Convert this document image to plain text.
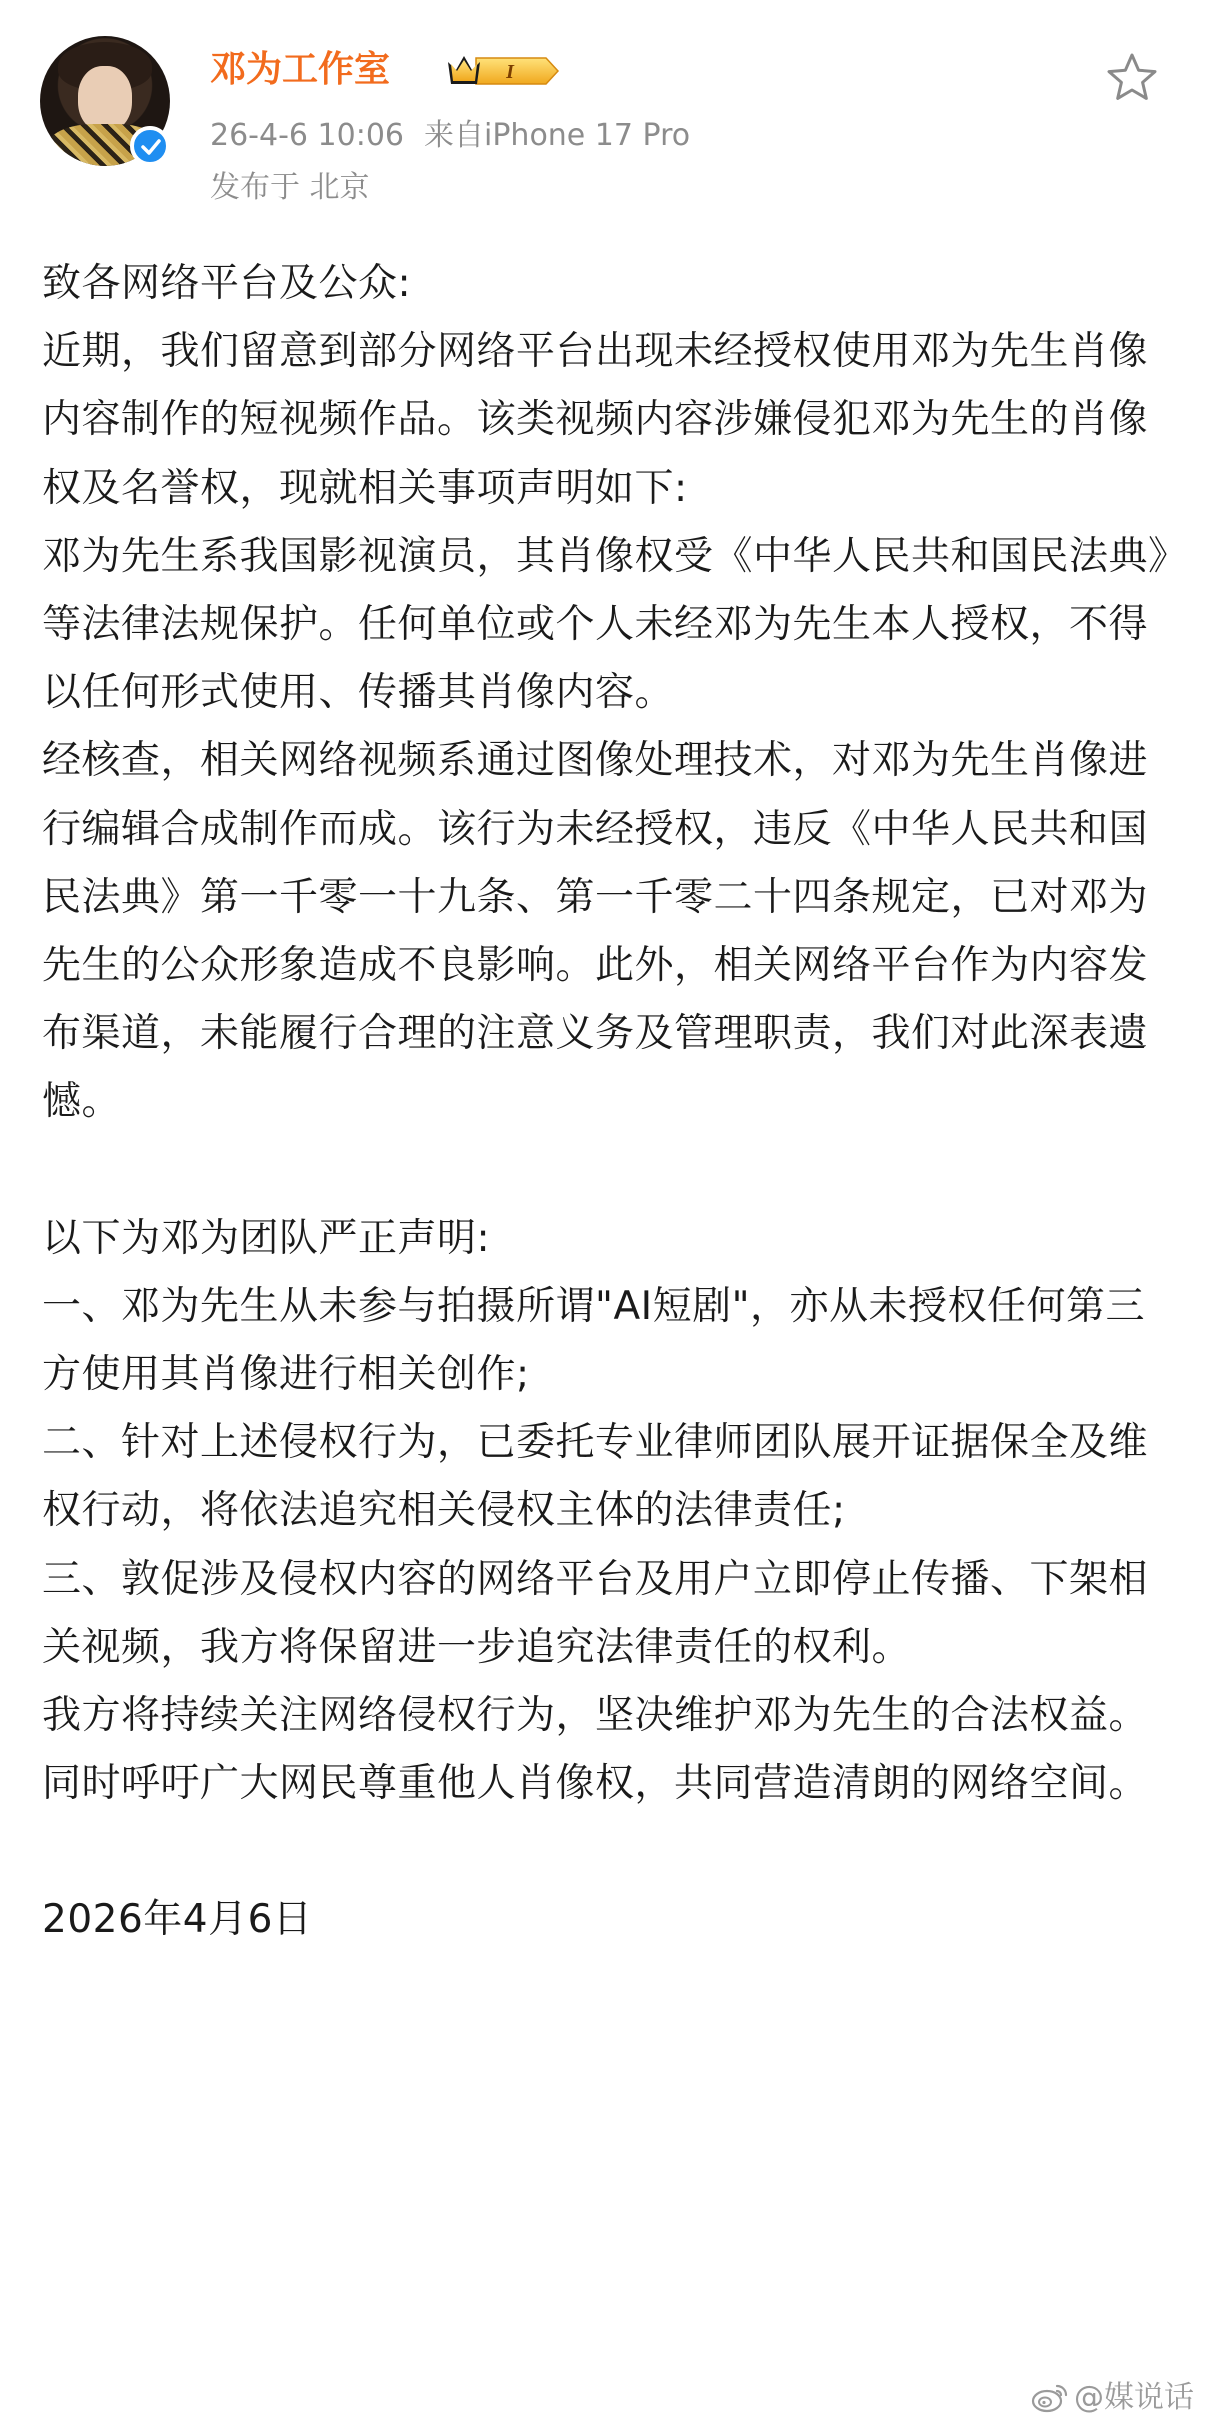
邓为工作室	I
26-4-6 10:06 来自iPhone 17 Pro
发布于 北京

致各网络平台及公众:

近期，我们留意到部分网络平台出现未经授权使用邓为先生肖像内容制作的短视频作品。该类视频内容涉嫌侵犯邓为先生的肖像权及名誉权，现就相关事项声明如下:

邓为先生系我国影视演员，其肖像权受《中华人民共和国民法典》等法律法规保护。任何单位或个人未经邓为先生本人授权，不得以任何形式使用、传播其肖像内容。

经核查，相关网络视频系通过图像处理技术，对邓为先生肖像进行编辑合成制作而成。该行为未经授权，违反《中华人民共和国民法典》第一千零一十九条、第一千零二十四条规定，已对邓为先生的公众形象造成不良影响。此外，相关网络平台作为内容发布渠道，未能履行合理的注意义务及管理职责，我们对此深表遗憾。

以下为邓为团队严正声明:

一、邓为先生从未参与拍摄所谓"AI短剧"，亦从未授权任何第三方使用其肖像进行相关创作;

二、针对上述侵权行为，已委托专业律师团队展开证据保全及维权行动，将依法追究相关侵权主体的法律责任;

三、敦促涉及侵权内容的网络平台及用户立即停止传播、下架相关视频，我方将保留进一步追究法律责任的权利。

我方将持续关注网络侵权行为，坚决维护邓为先生的合法权益。同时呼吁广大网民尊重他人肖像权，共同营造清朗的网络空间。

2026年4月6日

@媒说话
